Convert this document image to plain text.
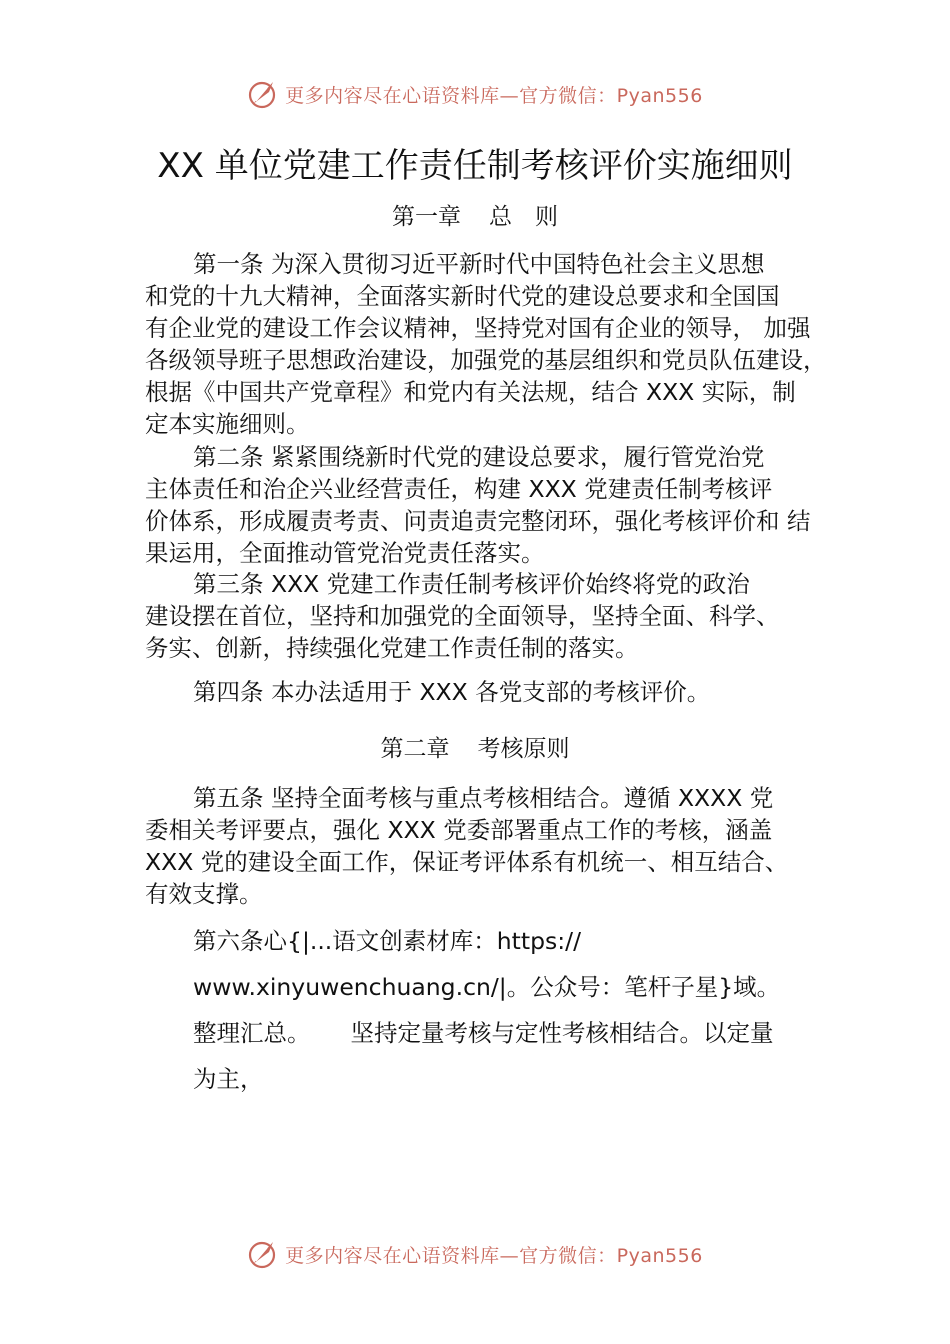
更多内容尽在心语资料库—官方微信：Pyan556
XX 单位党建工作责任制考核评价实施细则
第一章 总　则
第一条 为深入贯彻习近平新时代中国特色社会主义思想
和党的十九大精神，全面落实新时代党的建设总要求和全国国
有企业党的建设工作会议精神，坚持党对国有企业的领导， 加强
各级领导班子思想政治建设，加强党的基层组织和党员队伍建设，
根据《中国共产党章程》和党内有关法规，结合 XXX 实际，制
定本实施细则。
第二条 紧紧围绕新时代党的建设总要求，履行管党治党
主体责任和治企兴业经营责任，构建 XXX 党建责任制考核评
价体系，形成履责考责、问责追责完整闭环，强化考核评价和 结
果运用，全面推动管党治党责任落实。
第三条 XXX 党建工作责任制考核评价始终将党的政治
建设摆在首位，坚持和加强党的全面领导，坚持全面、科学、
务实、创新，持续强化党建工作责任制的落实。
第四条 本办法适用于 XXX 各党支部的考核评价。
第二章 考核原则
第五条 坚持全面考核与重点考核相结合。遵循 XXXX 党
委相关考评要点，强化 XXX 党委部署重点工作的考核，涵盖
XXX 党的建设全面工作，保证考评体系有机统一、相互结合、
有效支撑。
第六条心{|...语文创素材库：https://
www.xinyuwenchuang.cn/|。公众号：笔杆子星}域。
整理汇总。 坚持定量考核与定性考核相结合。以定量
为主，
更多内容尽在心语资料库—官方微信：Pyan556
